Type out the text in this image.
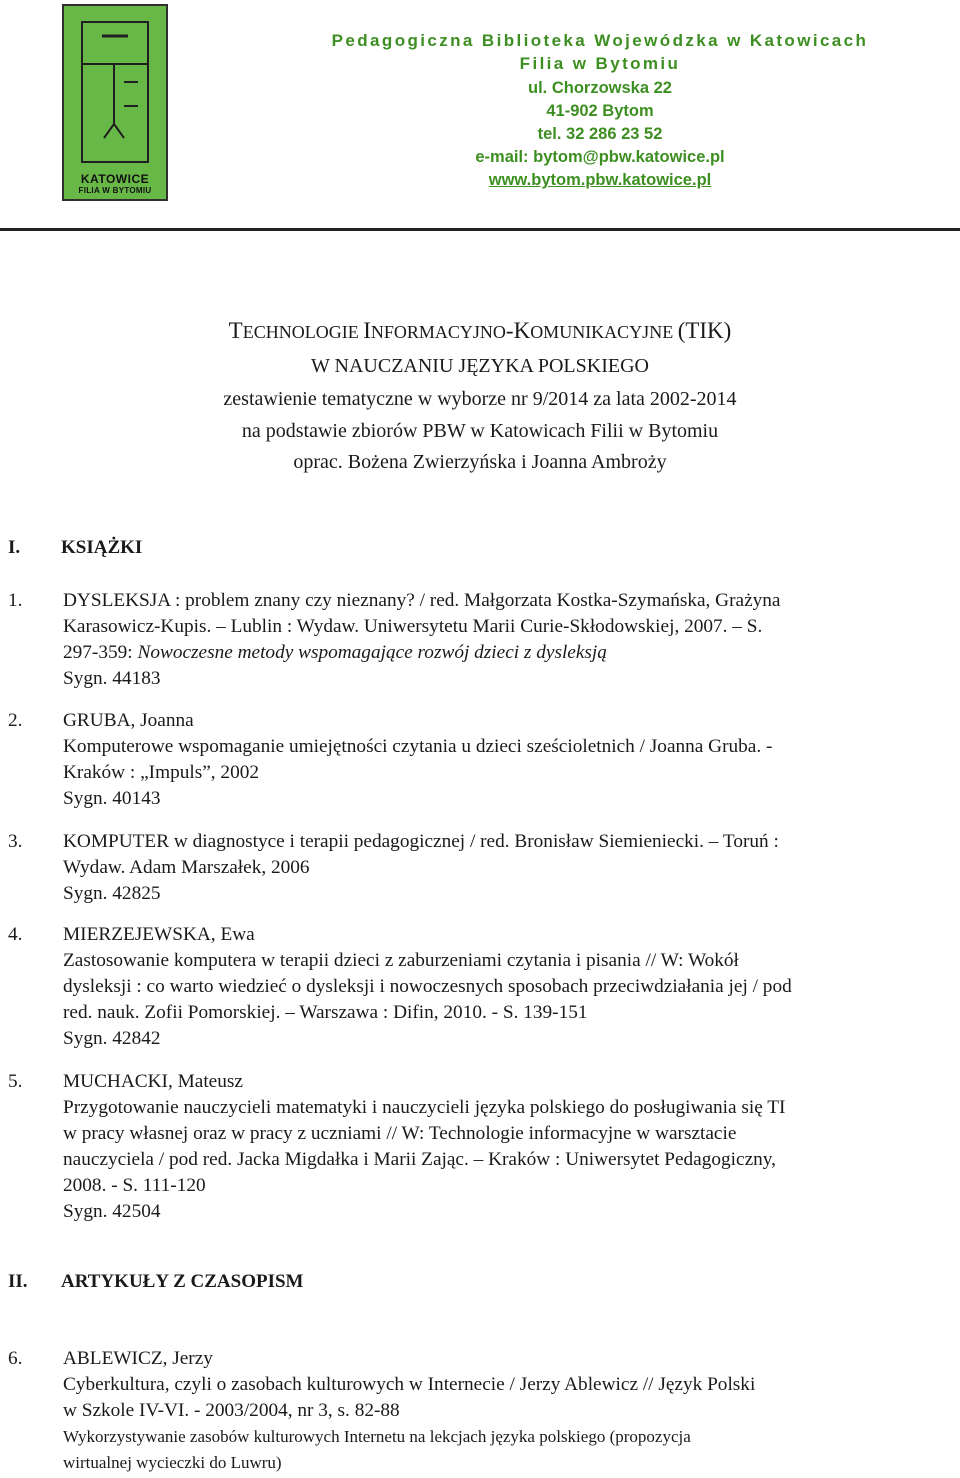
KATOWICE
FILIA W BYTOMIU
Pedagogiczna Biblioteka Wojewódzka w Katowicach
Filia w Bytomiu
ul. Chorzowska 22
41-902 Bytom
tel. 32 286 23 52
e-mail: bytom@pbw.katowice.pl
www.bytom.pbw.katowice.pl
TECHNOLOGIE INFORMACYJNO-KOMUNIKACYJNE (TIK)
W NAUCZANIU JĘZYKA POLSKIEGO
zestawienie tematyczne w wyborze nr 9/2014 za lata 2002-2014
na podstawie zbiorów PBW w Katowicach Filii w Bytomiu
oprac. Bożena Zwierzyńska i Joanna Ambroży
I. KSIĄŻKI
1. DYSLEKSJA : problem znany czy nieznany? / red. Małgorzata Kostka-Szymańska, Grażyna
Karasowicz-Kupis. – Lublin : Wydaw. Uniwersytetu Marii Curie-Skłodowskiej, 2007. – S.
297-359: Nowoczesne metody wspomagające rozwój dzieci z dysleksją
Sygn. 44183
2. GRUBA, Joanna
Komputerowe wspomaganie umiejętności czytania u dzieci sześcioletnich / Joanna Gruba. -
Kraków : „Impuls”, 2002
Sygn. 40143
3. KOMPUTER w diagnostyce i terapii pedagogicznej / red. Bronisław Siemieniecki. – Toruń :
Wydaw. Adam Marszałek, 2006
Sygn. 42825
4. MIERZEJEWSKA, Ewa
Zastosowanie komputera w terapii dzieci z zaburzeniami czytania i pisania // W: Wokół
dysleksji : co warto wiedzieć o dysleksji i nowoczesnych sposobach przeciwdziałania jej / pod
red. nauk. Zofii Pomorskiej. – Warszawa : Difin, 2010. - S. 139-151
Sygn. 42842
5. MUCHACKI, Mateusz
Przygotowanie nauczycieli matematyki i nauczycieli języka polskiego do posługiwania się TI
w pracy własnej oraz w pracy z uczniami // W: Technologie informacyjne w warsztacie
nauczyciela / pod red. Jacka Migdałka i Marii Zając. – Kraków : Uniwersytet Pedagogiczny,
2008. - S. 111-120
Sygn. 42504
II. ARTYKUŁY Z CZASOPISM
6. ABLEWICZ, Jerzy
Cyberkultura, czyli o zasobach kulturowych w Internecie / Jerzy Ablewicz // Język Polski
w Szkole IV-VI. - 2003/2004, nr 3, s. 82-88
Wykorzystywanie zasobów kulturowych Internetu na lekcjach języka polskiego (propozycja
wirtualnej wycieczki do Luwru)
